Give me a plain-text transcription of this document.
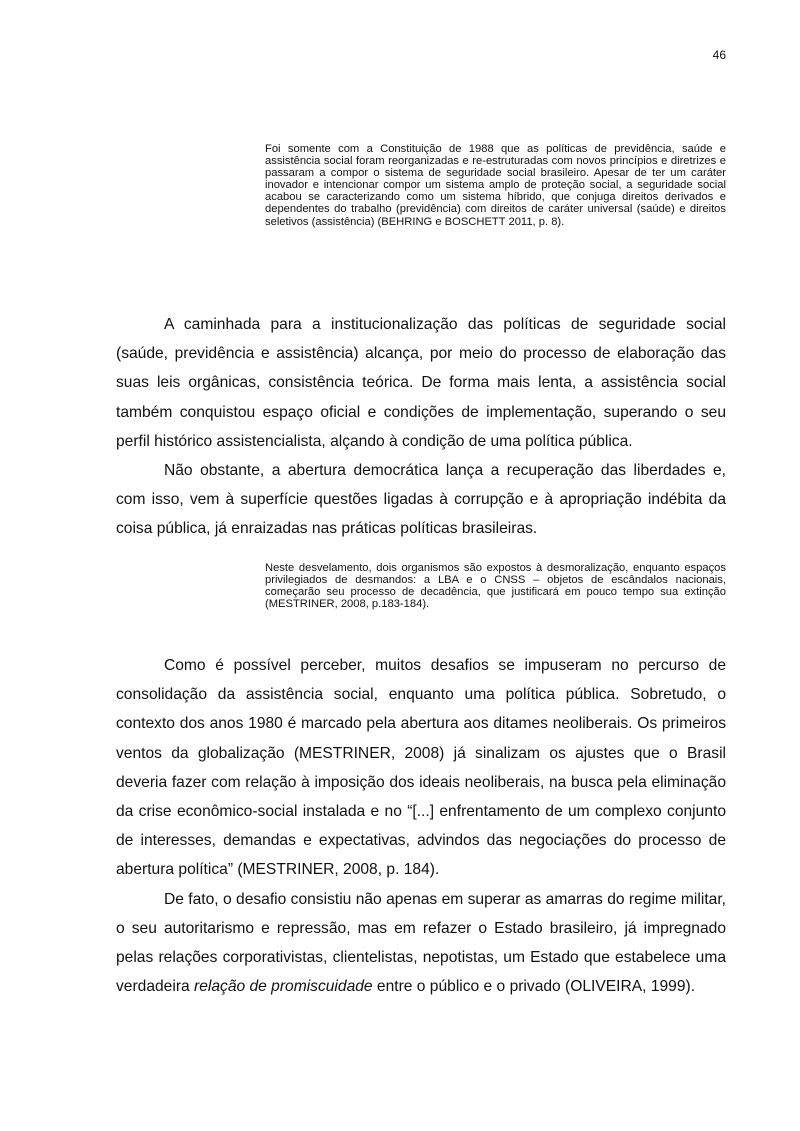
46

Foi somente com a Constituição de 1988 que as políticas de previdência, saúde e assistência social foram reorganizadas e re-estruturadas com novos princípios e diretrizes e passaram a compor o sistema de seguridade social brasileiro. Apesar de ter um caráter inovador e intencionar compor um sistema amplo de proteção social, a seguridade social acabou se caracterizando como um sistema híbrido, que conjuga direitos derivados e dependentes do trabalho (previdência) com direitos de caráter universal (saúde) e direitos seletivos (assistência) (BEHRING e BOSCHETT 2011, p. 8).

A caminhada para a institucionalização das políticas de seguridade social (saúde, previdência e assistência) alcança, por meio do processo de elaboração das suas leis orgânicas, consistência teórica. De forma mais lenta, a assistência social também conquistou espaço oficial e condições de implementação, superando o seu perfil histórico assistencialista, alçando à condição de uma política pública.

Não obstante, a abertura democrática lança a recuperação das liberdades e, com isso, vem à superfície questões ligadas à corrupção e à apropriação indébita da coisa pública, já enraizadas nas práticas políticas brasileiras.

Neste desvelamento, dois organismos são expostos à desmoralização, enquanto espaços privilegiados de desmandos: a LBA e o CNSS – objetos de escândalos nacionais, começarão seu processo de decadência, que justificará em pouco tempo sua extinção (MESTRINER, 2008, p.183-184).

Como é possível perceber, muitos desafios se impuseram no percurso de consolidação da assistência social, enquanto uma política pública. Sobretudo, o contexto dos anos 1980 é marcado pela abertura aos ditames neoliberais. Os primeiros ventos da globalização (MESTRINER, 2008) já sinalizam os ajustes que o Brasil deveria fazer com relação à imposição dos ideais neoliberais, na busca pela eliminação da crise econômico-social instalada e no “[...] enfrentamento de um complexo conjunto de interesses, demandas e expectativas, advindos das negociações do processo de abertura política” (MESTRINER, 2008, p. 184).

De fato, o desafio consistiu não apenas em superar as amarras do regime militar, o seu autoritarismo e repressão, mas em refazer o Estado brasileiro, já impregnado pelas relações corporativistas, clientelistas, nepotistas, um Estado que estabelece uma verdadeira relação de promiscuidade entre o público e o privado (OLIVEIRA, 1999).
